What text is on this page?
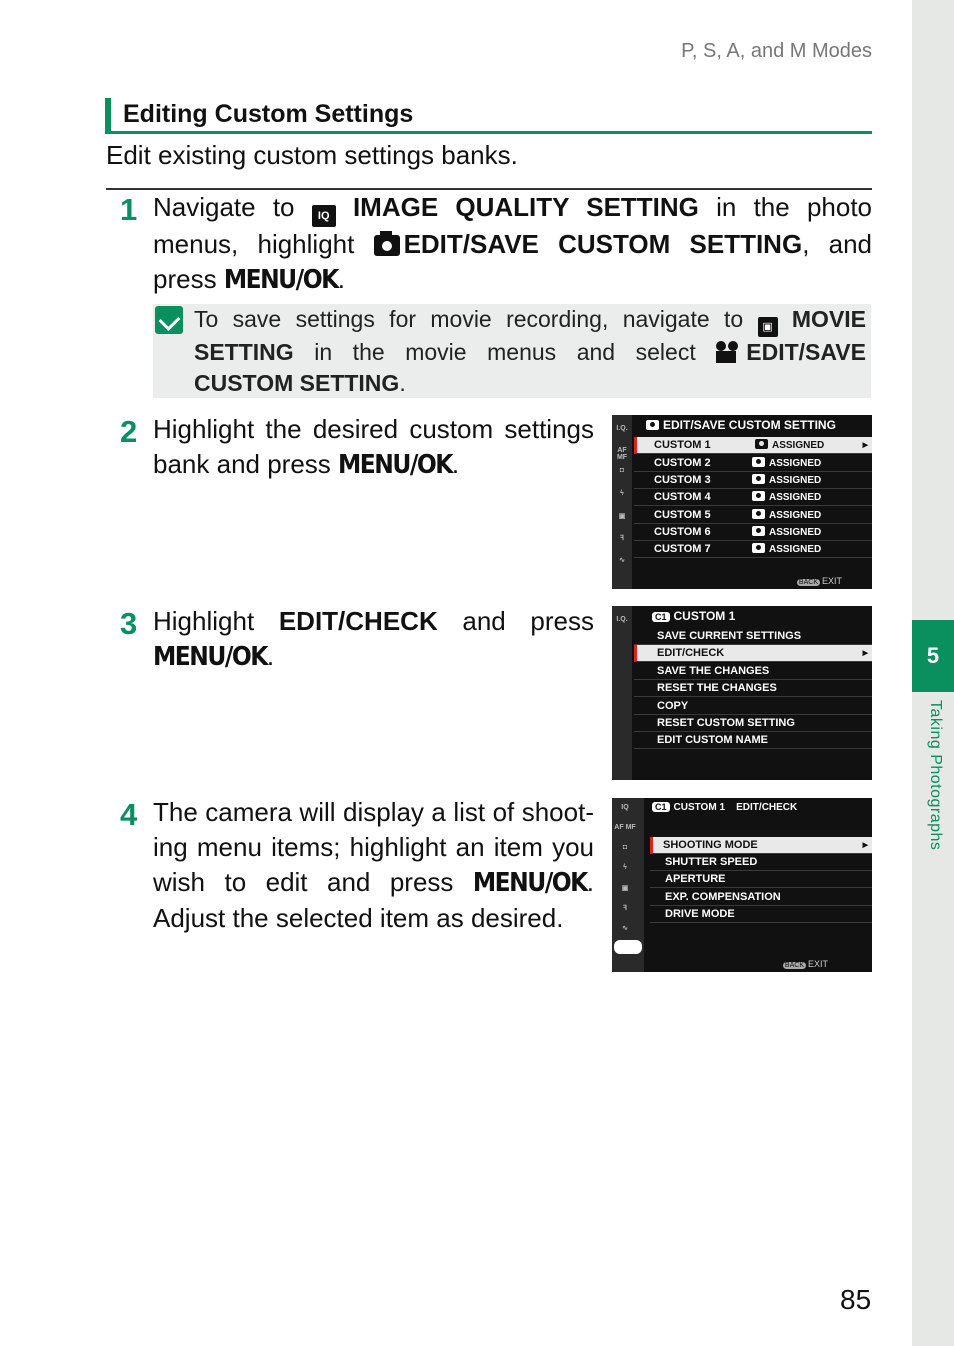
P, S, A, and M Modes
5
Taking Photographs
Editing Custom Settings
Edit existing custom settings banks.
1 Navigate to IQ IMAGE QUALITY SETTING in the photo menus, highlight EDIT/SAVE CUSTOM SETTING, and press MENU/OK.
To save settings for movie recording, navigate to ▣ MOVIE SETTING in the movie menus and select EDIT/SAVE CUSTOM SETTING.
2 Highlight the desired custom settings bank and press MENU/OK.
I.Q.
AF MF
◘
ϟ
▣
ꟻ
∿
EDIT/SAVE CUSTOM SETTING
CUSTOM 1	ASSIGNED	▶
CUSTOM 2	ASSIGNED
CUSTOM 3	ASSIGNED
CUSTOM 4	ASSIGNED
CUSTOM 5	ASSIGNED
CUSTOM 6	ASSIGNED
CUSTOM 7	ASSIGNED
BACK EXIT
3 Highlight EDIT/CHECK and press
MENU/OK.
I.Q.	C1 CUSTOM 1
SAVE CURRENT SETTINGS
EDIT/CHECK	▶
SAVE THE CHANGES
RESET THE CHANGES
COPY
RESET CUSTOM SETTING
EDIT CUSTOM NAME
4 The camera will display a list of shooting menu items; highlight an item you wish to edit and press MENU/OK. Adjust the selected item as desired.
IQ
AF MF
◘
ϟ
▣
ꟻ
∿
C1 CUSTOM 1 EDIT/CHECK
SHOOTING MODE	▶
SHUTTER SPEED
APERTURE
EXP. COMPENSATION
DRIVE MODE
BACK EXIT
85
